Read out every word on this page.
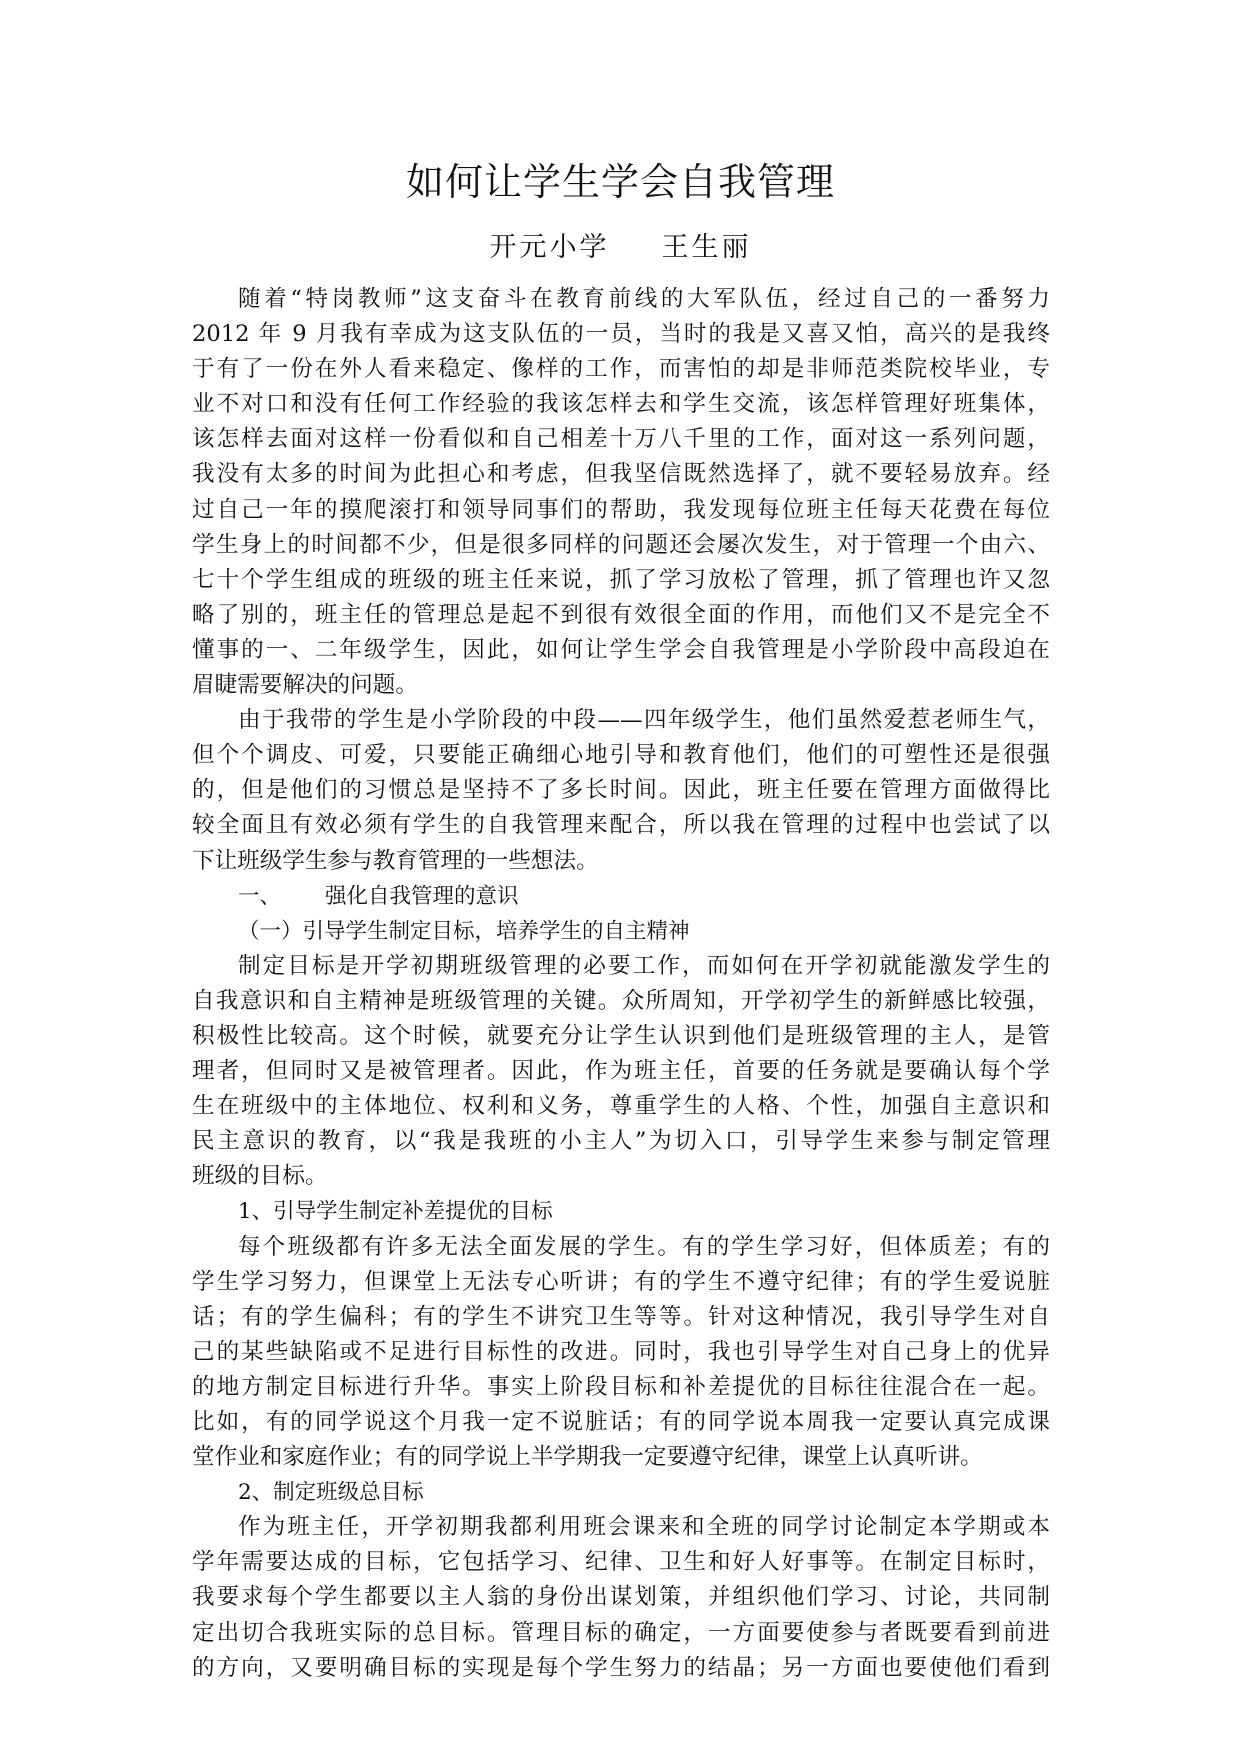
如何让学生学会自我管理
开元小学 王生丽
随着“特岗教师”这支奋斗在教育前线的大军队伍，经过自己的一番努力
2012 年 9 月我有幸成为这支队伍的一员，当时的我是又喜又怕，高兴的是我终
于有了一份在外人看来稳定、像样的工作，而害怕的却是非师范类院校毕业，专
业不对口和没有任何工作经验的我该怎样去和学生交流，该怎样管理好班集体，
该怎样去面对这样一份看似和自己相差十万八千里的工作，面对这一系列问题，
我没有太多的时间为此担心和考虑，但我坚信既然选择了，就不要轻易放弃。经
过自己一年的摸爬滚打和领导同事们的帮助，我发现每位班主任每天花费在每位
学生身上的时间都不少，但是很多同样的问题还会屡次发生，对于管理一个由六、
七十个学生组成的班级的班主任来说，抓了学习放松了管理，抓了管理也许又忽
略了别的，班主任的管理总是起不到很有效很全面的作用，而他们又不是完全不
懂事的一、二年级学生，因此，如何让学生学会自我管理是小学阶段中高段迫在
眉睫需要解决的问题。
由于我带的学生是小学阶段的中段——四年级学生，他们虽然爱惹老师生气，
但个个调皮、可爱，只要能正确细心地引导和教育他们，他们的可塑性还是很强
的，但是他们的习惯总是坚持不了多长时间。因此，班主任要在管理方面做得比
较全面且有效必须有学生的自我管理来配合，所以我在管理的过程中也尝试了以
下让班级学生参与教育管理的一些想法。
一、 强化自我管理的意识
（一）引导学生制定目标，培养学生的自主精神
制定目标是开学初期班级管理的必要工作，而如何在开学初就能激发学生的
自我意识和自主精神是班级管理的关键。众所周知，开学初学生的新鲜感比较强，
积极性比较高。这个时候，就要充分让学生认识到他们是班级管理的主人，是管
理者，但同时又是被管理者。因此，作为班主任，首要的任务就是要确认每个学
生在班级中的主体地位、权利和义务，尊重学生的人格、个性，加强自主意识和
民主意识的教育，以“我是我班的小主人”为切入口，引导学生来参与制定管理
班级的目标。
1、引导学生制定补差提优的目标
每个班级都有许多无法全面发展的学生。有的学生学习好，但体质差；有的
学生学习努力，但课堂上无法专心听讲；有的学生不遵守纪律；有的学生爱说脏
话；有的学生偏科；有的学生不讲究卫生等等。针对这种情况，我引导学生对自
己的某些缺陷或不足进行目标性的改进。同时，我也引导学生对自己身上的优异
的地方制定目标进行升华。事实上阶段目标和补差提优的目标往往混合在一起。
比如，有的同学说这个月我一定不说脏话；有的同学说本周我一定要认真完成课
堂作业和家庭作业；有的同学说上半学期我一定要遵守纪律，课堂上认真听讲。
2、制定班级总目标
作为班主任，开学初期我都利用班会课来和全班的同学讨论制定本学期或本
学年需要达成的目标，它包括学习、纪律、卫生和好人好事等。在制定目标时，
我要求每个学生都要以主人翁的身份出谋划策，并组织他们学习、讨论，共同制
定出切合我班实际的总目标。管理目标的确定，一方面要使参与者既要看到前进
的方向，又要明确目标的实现是每个学生努力的结晶；另一方面也要使他们看到
